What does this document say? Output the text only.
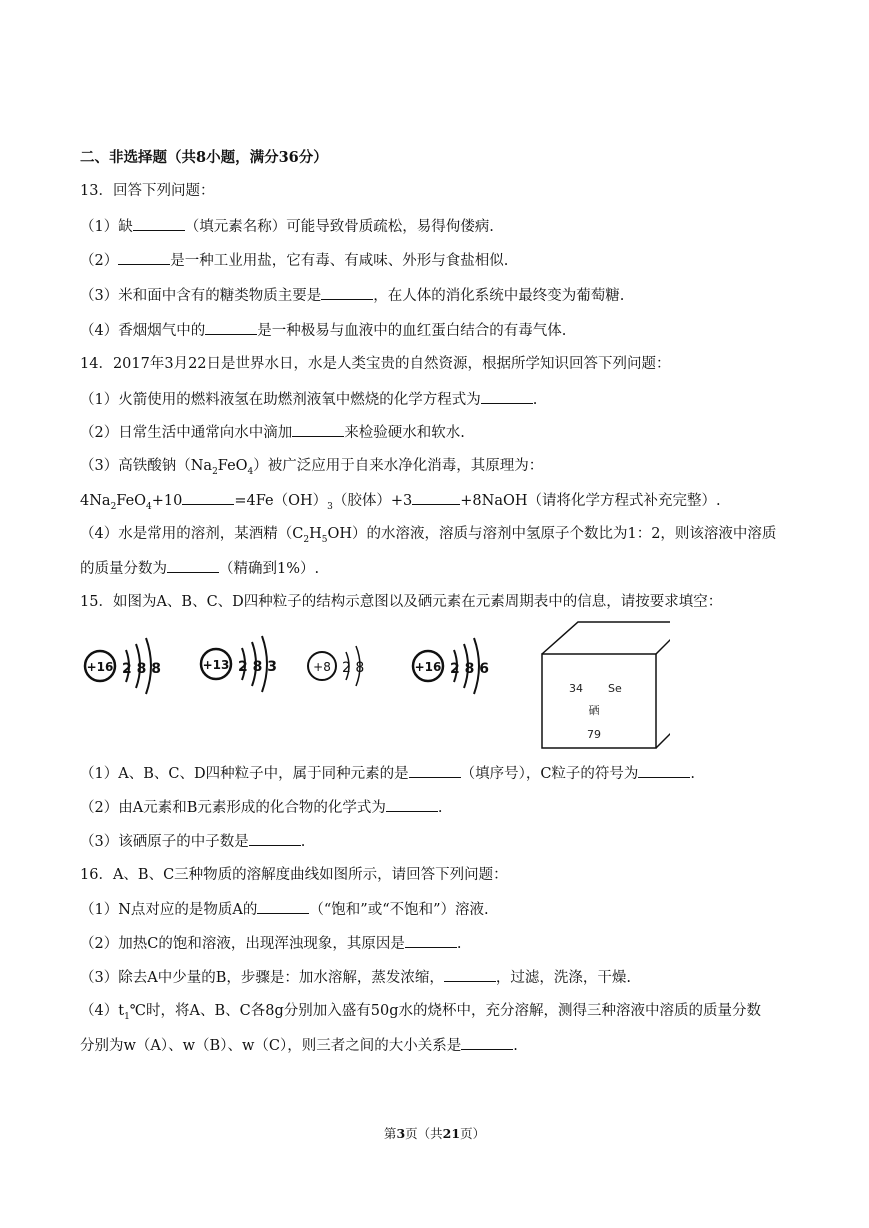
二、非选择题（共8小题，满分36分）
13．回答下列问题：
（1）缺	（填元素名称）可能导致骨质疏松，易得佝偻病.
（2）	是一种工业用盐，它有毒、有咸味、外形与食盐相似.
（3）米和面中含有的糖类物质主要是	，在人体的消化系统中最终变为葡萄糖.
（4）香烟烟气中的	是一种极易与血液中的血红蛋白结合的有毒气体.
14．2017年3月22日是世界水日，水是人类宝贵的自然资源，根据所学知识回答下列问题：
（1）火箭使用的燃料液氢在助燃剂液氧中燃烧的化学方程式为	.
（2）日常生活中通常向水中滴加	来检验硬水和软水.
（3）高铁酸钠$(Na_2FeO_4)$被广泛应用于自来水净化消毒，其原理为：
$4Na_2FeO_4+10$	$=4Fe(OH)_3$（胶体）+3	+8NaOH（请将化学方程式补充完整）.
（4）水是常用的溶剂，某酒精$(C_2H_5OH)$的水溶液，溶质与溶剂中氢原子个数比为1：2，则该溶液中溶质
的质量分数为	（精确到1%）.
15．如图为A、B、C、D四种粒子的结构示意图以及硒元素在元素周期表中的信息，请按要求填空：
+16 2 8 8	+13 2 8 3	+8 2 8	+16 2 8 6
34 Se
硒
79
（1）A、B、C、D四种粒子中，属于同种元素的是	（填序号），C粒子的符号为	.
（2）由A元素和B元素形成的化合物的化学式为	.
（3）该硒原子的中子数是	.
16．A、B、C三种物质的溶解度曲线如图所示，请回答下列问题：
（1）N点对应的是物质A的	（“饱和”或“不饱和”）溶液.
（2）加热C的饱和溶液，出现浑浊现象，其原因是	.
（3）除去A中少量的B，步骤是：加水溶解，蒸发浓缩，	，过滤，洗涤，干燥.
$(4)t_1℃$时，将A、B、C各8g分别加入盛有50g水的烧杯中，充分溶解，测得三种溶液中溶质的质量分数
分别为w（A）、w（B）、w（C），则三者之间的大小关系是	.
第3页（共21页）
